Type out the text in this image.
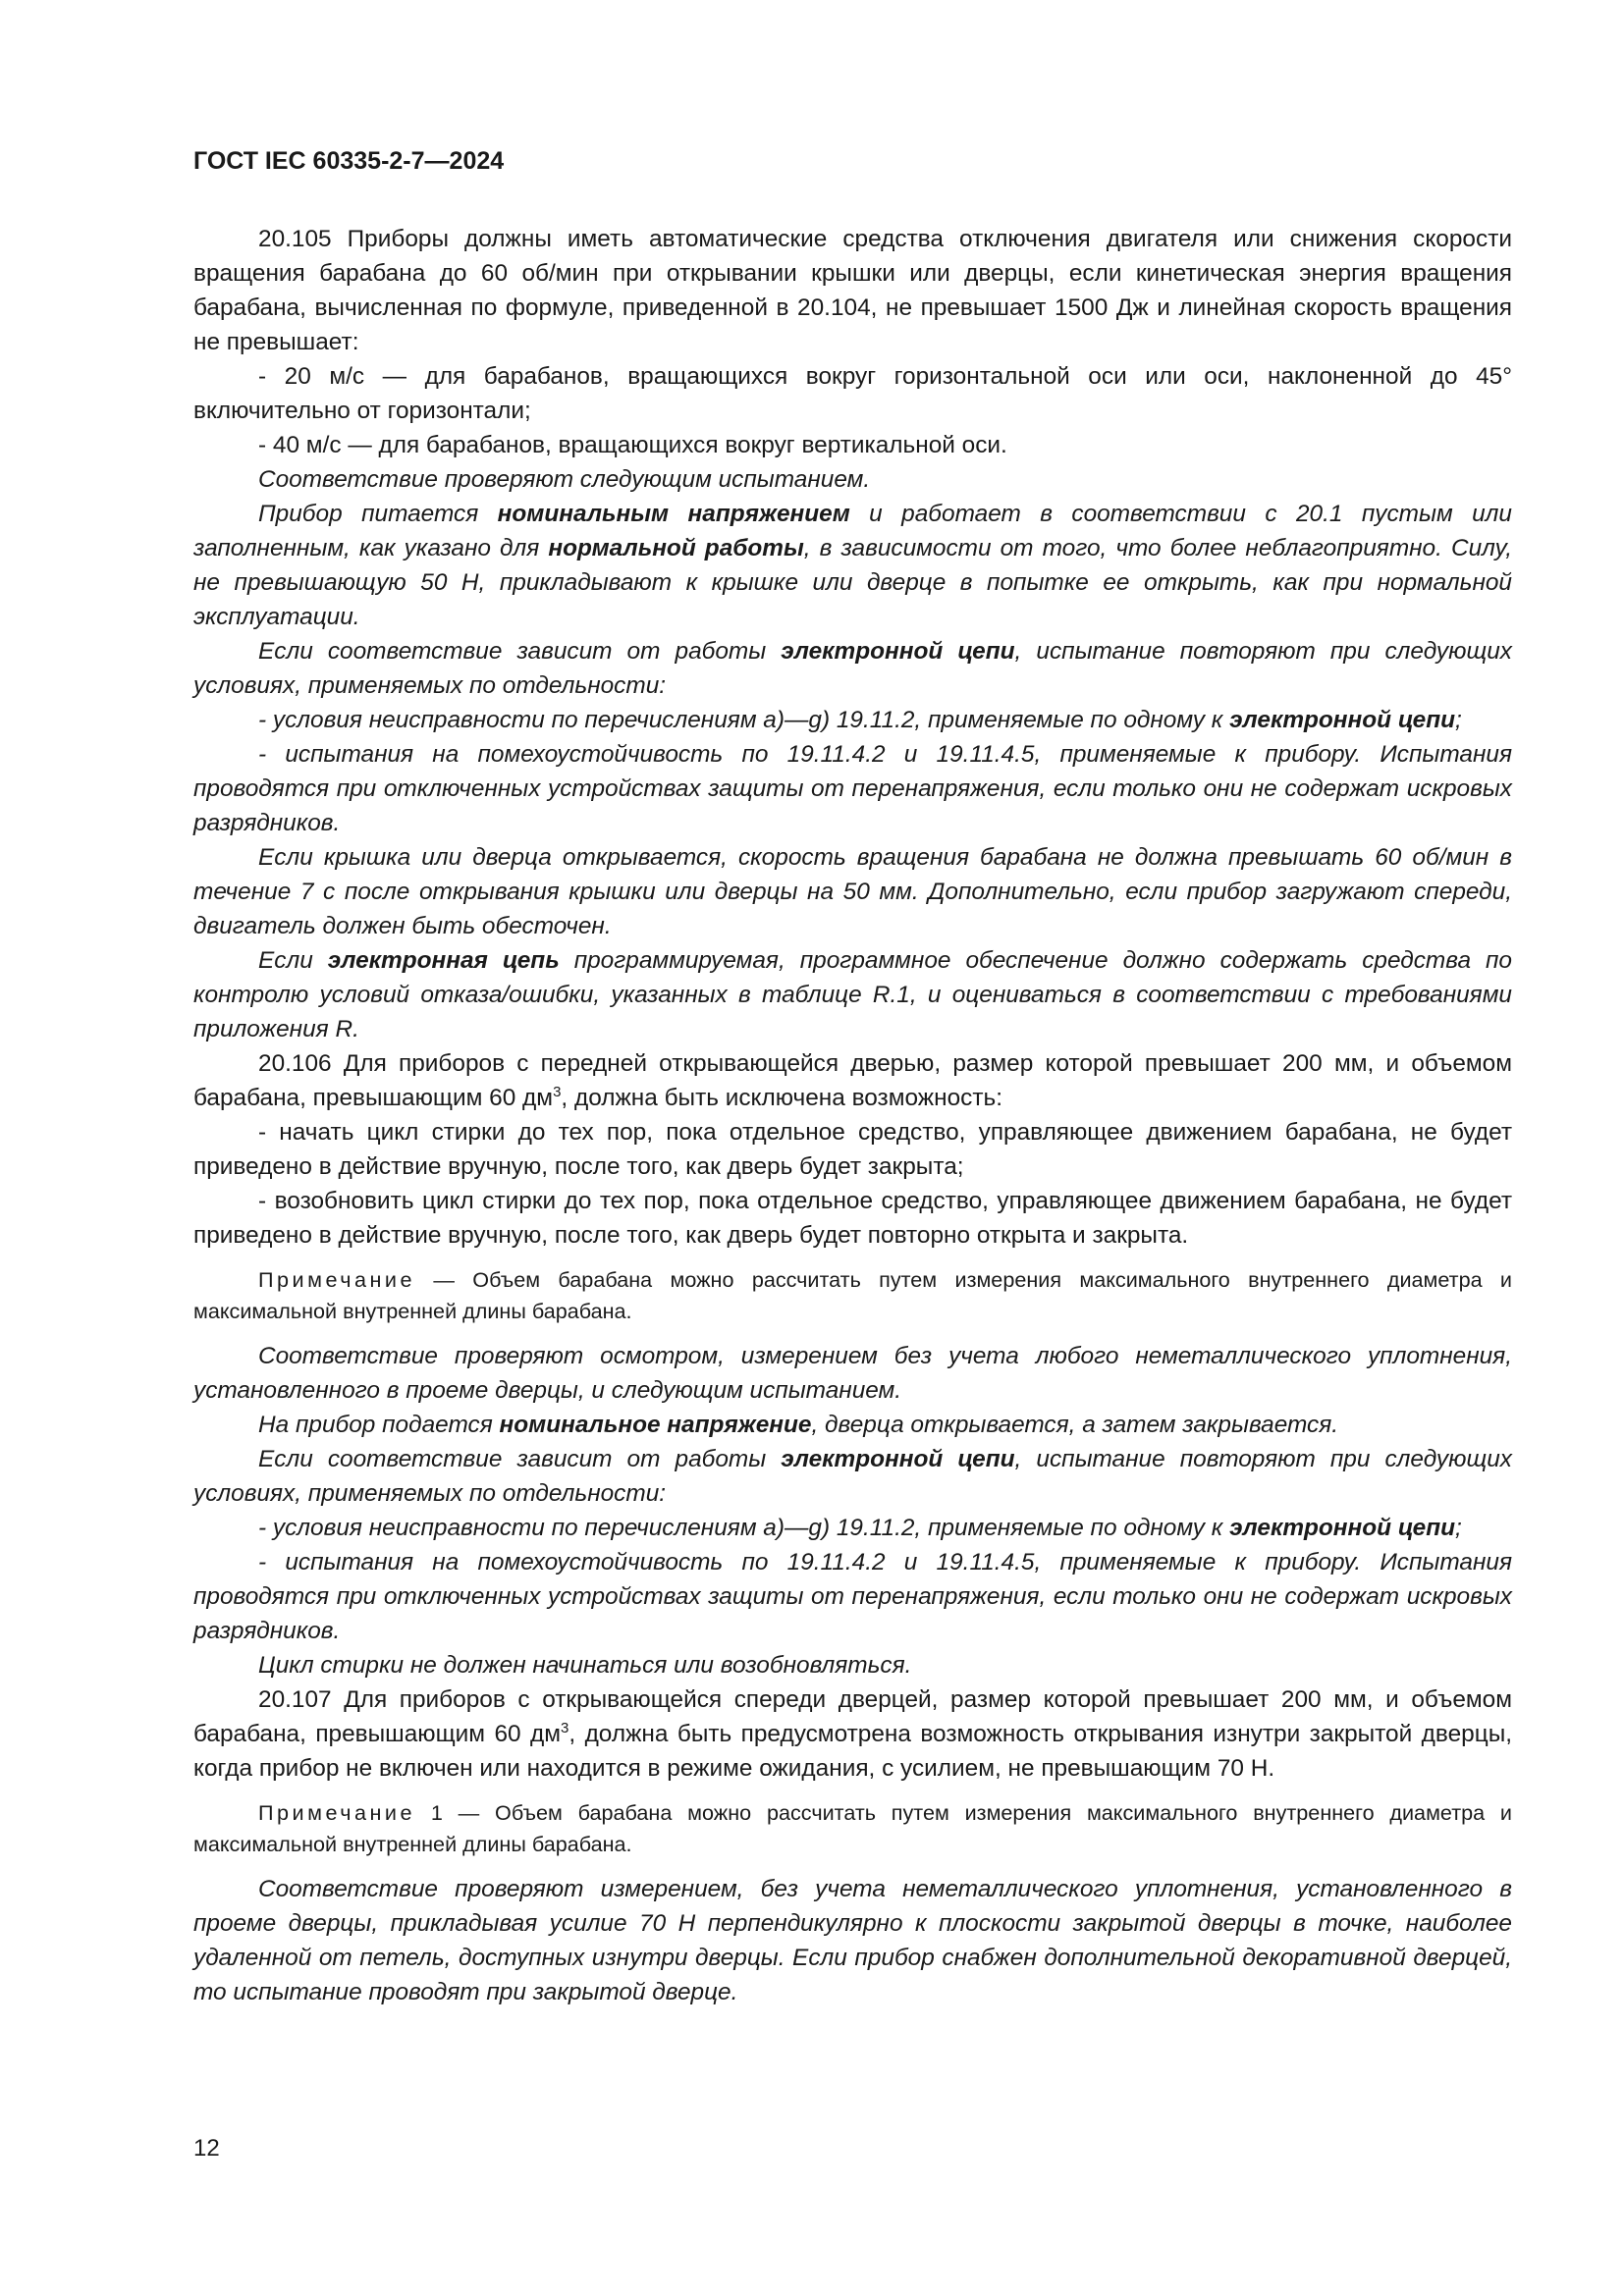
ГОСТ IEC 60335-2-7—2024

20.105 Приборы должны иметь автоматические средства отключения двигателя или снижения скорости вращения барабана до 60 об/мин при открывании крышки или дверцы, если кинетическая энергия вращения барабана, вычисленная по формуле, приведенной в 20.104, не превышает 1500 Дж и линейная скорость вращения не превышает:

- 20 м/с — для барабанов, вращающихся вокруг горизонтальной оси или оси, наклоненной до 45° включительно от горизонтали;

- 40 м/с — для барабанов, вращающихся вокруг вертикальной оси.

Соответствие проверяют следующим испытанием.

Прибор питается номинальным напряжением и работает в соответствии с 20.1 пустым или заполненным, как указано для нормальной работы, в зависимости от того, что более неблагоприятно. Силу, не превышающую 50 Н, прикладывают к крышке или дверце в попытке ее открыть, как при нормальной эксплуатации.

Если соответствие зависит от работы электронной цепи, испытание повторяют при следующих условиях, применяемых по отдельности:

- условия неисправности по перечислениям a)—g) 19.11.2, применяемые по одному к электронной цепи;

- испытания на помехоустойчивость по 19.11.4.2 и 19.11.4.5, применяемые к прибору. Испытания проводятся при отключенных устройствах защиты от перенапряжения, если только они не содержат искровых разрядников.

Если крышка или дверца открывается, скорость вращения барабана не должна превышать 60 об/мин в течение 7 с после открывания крышки или дверцы на 50 мм. Дополнительно, если прибор загружают спереди, двигатель должен быть обесточен.

Если электронная цепь программируемая, программное обеспечение должно содержать средства по контролю условий отказа/ошибки, указанных в таблице R.1, и оцениваться в соответствии с требованиями приложения R.

20.106 Для приборов с передней открывающейся дверью, размер которой превышает 200 мм, и объемом барабана, превышающим 60 $дм^3$, должна быть исключена возможность:

- начать цикл стирки до тех пор, пока отдельное средство, управляющее движением барабана, не будет приведено в действие вручную, после того, как дверь будет закрыта;

- возобновить цикл стирки до тех пор, пока отдельное средство, управляющее движением барабана, не будет приведено в действие вручную, после того, как дверь будет повторно открыта и закрыта.

Примечание — Объем барабана можно рассчитать путем измерения максимального внутреннего диаметра и максимальной внутренней длины барабана.

Соответствие проверяют осмотром, измерением без учета любого неметаллического уплотнения, установленного в проеме дверцы, и следующим испытанием.

На прибор подается номинальное напряжение, дверца открывается, а затем закрывается.

Если соответствие зависит от работы электронной цепи, испытание повторяют при следующих условиях, применяемых по отдельности:

- условия неисправности по перечислениям a)—g) 19.11.2, применяемые по одному к электронной цепи;

- испытания на помехоустойчивость по 19.11.4.2 и 19.11.4.5, применяемые к прибору. Испытания проводятся при отключенных устройствах защиты от перенапряжения, если только они не содержат искровых разрядников.

Цикл стирки не должен начинаться или возобновляться.

20.107 Для приборов с открывающейся спереди дверцей, размер которой превышает 200 мм, и объемом барабана, превышающим 60 $дм^3$, должна быть предусмотрена возможность открывания изнутри закрытой дверцы, когда прибор не включен или находится в режиме ожидания, с усилием, не превышающим 70 Н.

Примечание 1 — Объем барабана можно рассчитать путем измерения максимального внутреннего диаметра и максимальной внутренней длины барабана.

Соответствие проверяют измерением, без учета неметаллического уплотнения, установленного в проеме дверцы, прикладывая усилие 70 Н перпендикулярно к плоскости закрытой дверцы в точке, наиболее удаленной от петель, доступных изнутри дверцы. Если прибор снабжен дополнительной декоративной дверцей, то испытание проводят при закрытой дверце.

12
